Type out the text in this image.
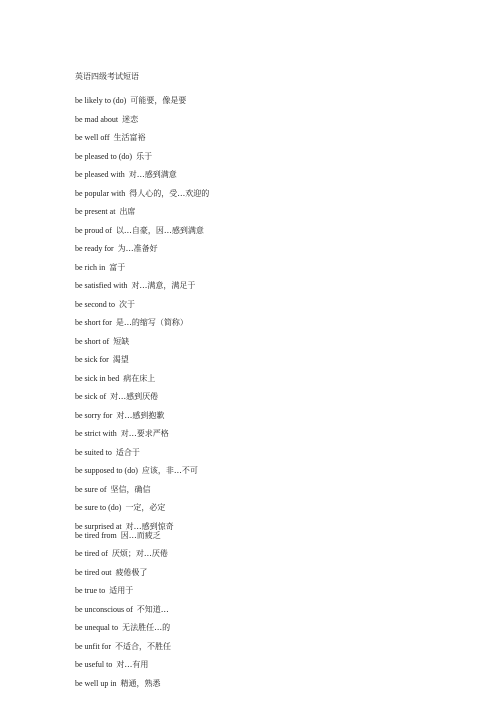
英语四级考试短语
be likely to (do) 可能要，像是要
be mad about 迷恋
be well off 生活富裕
be pleased to (do) 乐于
be pleased with 对…感到满意
be popular with 得人心的，受…欢迎的
be present at 出席
be proud of 以…自豪，因…感到满意
be ready for 为…准备好
be rich in 富于
be satisfied with 对…满意，满足于
be second to 次于
be short for 是…的缩写（简称）
be short of 短缺
be sick for 渴望
be sick in bed 病在床上
be sick of 对…感到厌倦
be sorry for 对…感到抱歉
be strict with 对…要求严格
be suited to 适合于
be supposed to (do) 应该，非…不可
be sure of 坚信，确信
be sure to (do) 一定，必定
be surprised at 对…感到惊奇
be tired from 因…而疲乏
be tired of 厌烦；对…厌倦
be tired out 疲倦极了
be true to 适用于
be unconscious of 不知道…
be unequal to 无法胜任…的
be unfit for 不适合，不胜任
be useful to 对…有用
be well up in 精通，熟悉
